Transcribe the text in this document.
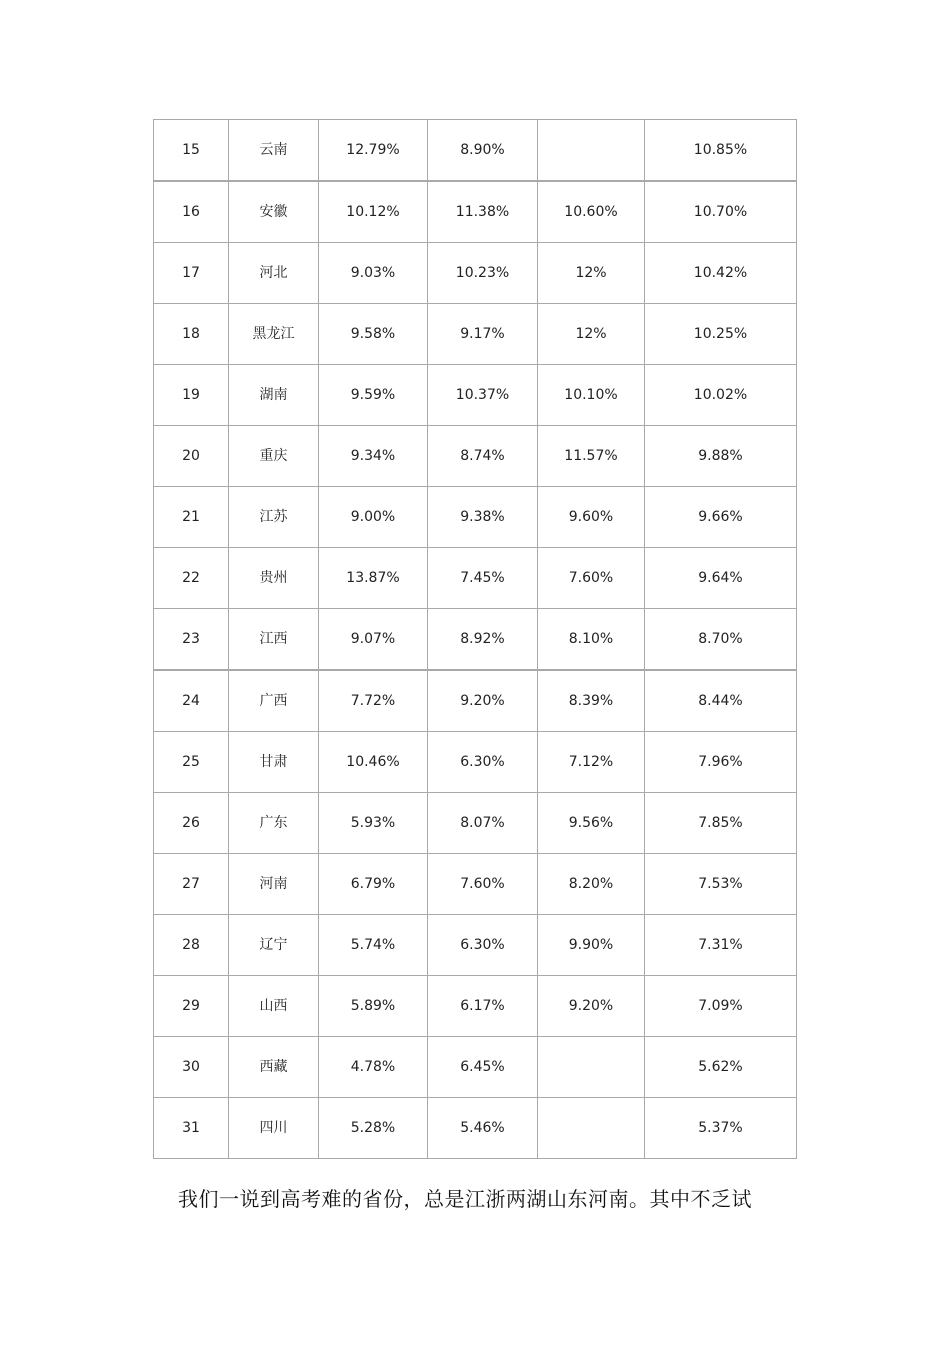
15	云南	12.79%	8.90%		10.85%
16	安徽	10.12%	11.38%	10.60%	10.70%
17	河北	9.03%	10.23%	12%	10.42%
18	黑龙江	9.58%	9.17%	12%	10.25%
19	湖南	9.59%	10.37%	10.10%	10.02%
20	重庆	9.34%	8.74%	11.57%	9.88%
21	江苏	9.00%	9.38%	9.60%	9.66%
22	贵州	13.87%	7.45%	7.60%	9.64%
23	江西	9.07%	8.92%	8.10%	8.70%
24	广西	7.72%	9.20%	8.39%	8.44%
25	甘肃	10.46%	6.30%	7.12%	7.96%
26	广东	5.93%	8.07%	9.56%	7.85%
27	河南	6.79%	7.60%	8.20%	7.53%
28	辽宁	5.74%	6.30%	9.90%	7.31%
29	山西	5.89%	6.17%	9.20%	7.09%
30	西藏	4.78%	6.45%		5.62%
31	四川	5.28%	5.46%		5.37%
我们一说到高考难的省份，总是江浙两湖山东河南。其中不乏试
